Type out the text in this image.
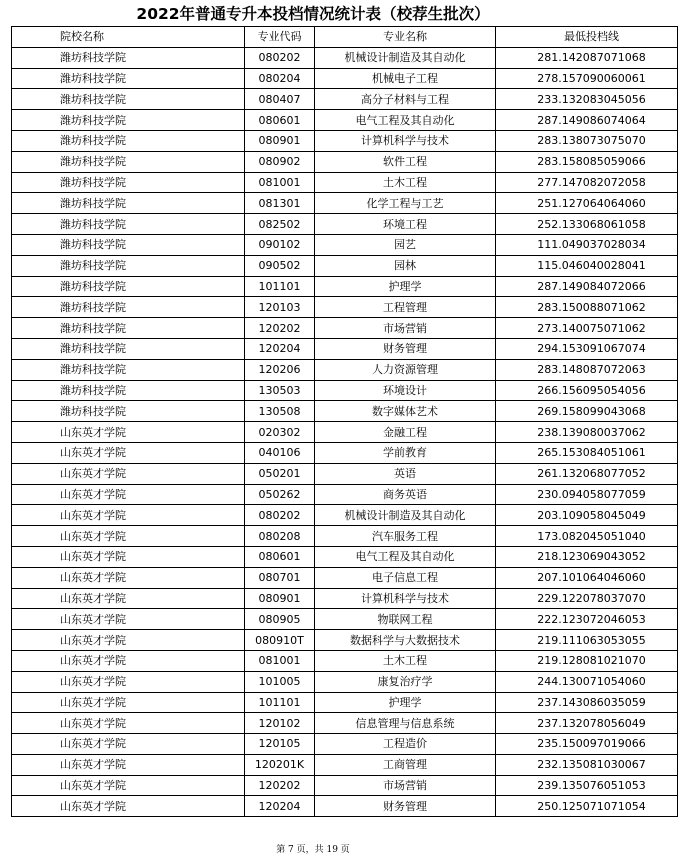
2022年普通专升本投档情况统计表（校荐生批次）
院校名称	专业代码	专业名称	最低投档线
潍坊科技学院	080202	机械设计制造及其自动化	281.142087071068
潍坊科技学院	080204	机械电子工程	278.157090060061
潍坊科技学院	080407	高分子材料与工程	233.132083045056
潍坊科技学院	080601	电气工程及其自动化	287.149086074064
潍坊科技学院	080901	计算机科学与技术	283.138073075070
潍坊科技学院	080902	软件工程	283.158085059066
潍坊科技学院	081001	土木工程	277.147082072058
潍坊科技学院	081301	化学工程与工艺	251.127064064060
潍坊科技学院	082502	环境工程	252.133068061058
潍坊科技学院	090102	园艺	111.049037028034
潍坊科技学院	090502	园林	115.046040028041
潍坊科技学院	101101	护理学	287.149084072066
潍坊科技学院	120103	工程管理	283.150088071062
潍坊科技学院	120202	市场营销	273.140075071062
潍坊科技学院	120204	财务管理	294.153091067074
潍坊科技学院	120206	人力资源管理	283.148087072063
潍坊科技学院	130503	环境设计	266.156095054056
潍坊科技学院	130508	数字媒体艺术	269.158099043068
山东英才学院	020302	金融工程	238.139080037062
山东英才学院	040106	学前教育	265.153084051061
山东英才学院	050201	英语	261.132068077052
山东英才学院	050262	商务英语	230.094058077059
山东英才学院	080202	机械设计制造及其自动化	203.109058045049
山东英才学院	080208	汽车服务工程	173.082045051040
山东英才学院	080601	电气工程及其自动化	218.123069043052
山东英才学院	080701	电子信息工程	207.101064046060
山东英才学院	080901	计算机科学与技术	229.122078037070
山东英才学院	080905	物联网工程	222.123072046053
山东英才学院	080910T	数据科学与大数据技术	219.111063053055
山东英才学院	081001	土木工程	219.128081021070
山东英才学院	101005	康复治疗学	244.130071054060
山东英才学院	101101	护理学	237.143086035059
山东英才学院	120102	信息管理与信息系统	237.132078056049
山东英才学院	120105	工程造价	235.150097019066
山东英才学院	120201K	工商管理	232.135081030067
山东英才学院	120202	市场营销	239.135076051053
山东英才学院	120204	财务管理	250.125071071054
第 7 页，共 19 页
